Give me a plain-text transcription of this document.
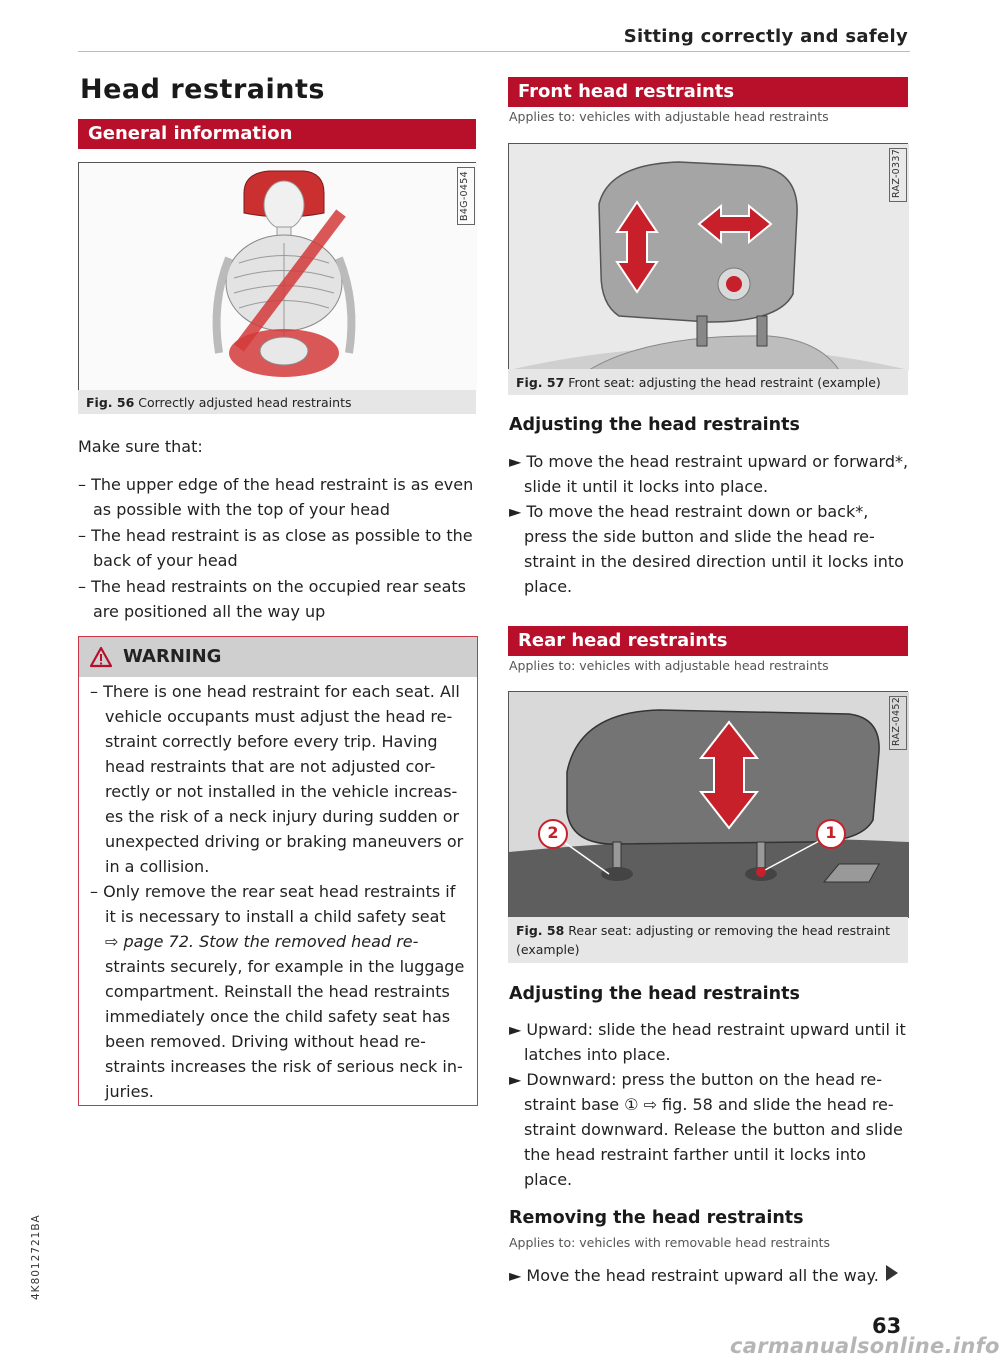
Sitting correctly and safely
Head restraints
General information
B4G-0454
Fig. 56 Correctly adjusted head restraints
Make sure that:
– The upper edge of the head restraint is as even
as possible with the top of your head
– The head restraint is as close as possible to the
back of your head
– The head restraints on the occupied rear seats
are positioned all the way up
WARNING
– There is one head restraint for each seat. All
vehicle occupants must adjust the head re-
straint correctly before every trip. Having
head restraints that are not adjusted cor-
rectly or not installed in the vehicle increas-
es the risk of a neck injury during sudden or
unexpected driving or braking maneuvers or
in a collision.
– Only remove the rear seat head restraints if
it is necessary to install a child safety seat
⇨ page 72. Stow the removed head re-
straints securely, for example in the luggage
compartment. Reinstall the head restraints
immediately once the child safety seat has
been removed. Driving without head re-
straints increases the risk of serious neck in-
juries.
Front head restraints
Applies to: vehicles with adjustable head restraints
RAZ-0337
Fig. 57 Front seat: adjusting the head restraint (example)
Adjusting the head restraints
► To move the head restraint upward or forward*,
slide it until it locks into place.
► To move the head restraint down or back*,
press the side button and slide the head re-
straint in the desired direction until it locks into
place.
Rear head restraints
Applies to: vehicles with adjustable head restraints
2	1
RAZ-0452
Fig. 58 Rear seat: adjusting or removing the head restraint
(example)
Adjusting the head restraints
► Upward: slide the head restraint upward until it
latches into place.
► Downward: press the button on the head re-
straint base ① ⇨ fig. 58 and slide the head re-
straint downward. Release the button and slide
the head restraint farther until it locks into
place.
Removing the head restraints
Applies to: vehicles with removable head restraints
► Move the head restraint upward all the way.
4K8012721BA
63
carmanualsonline.info
